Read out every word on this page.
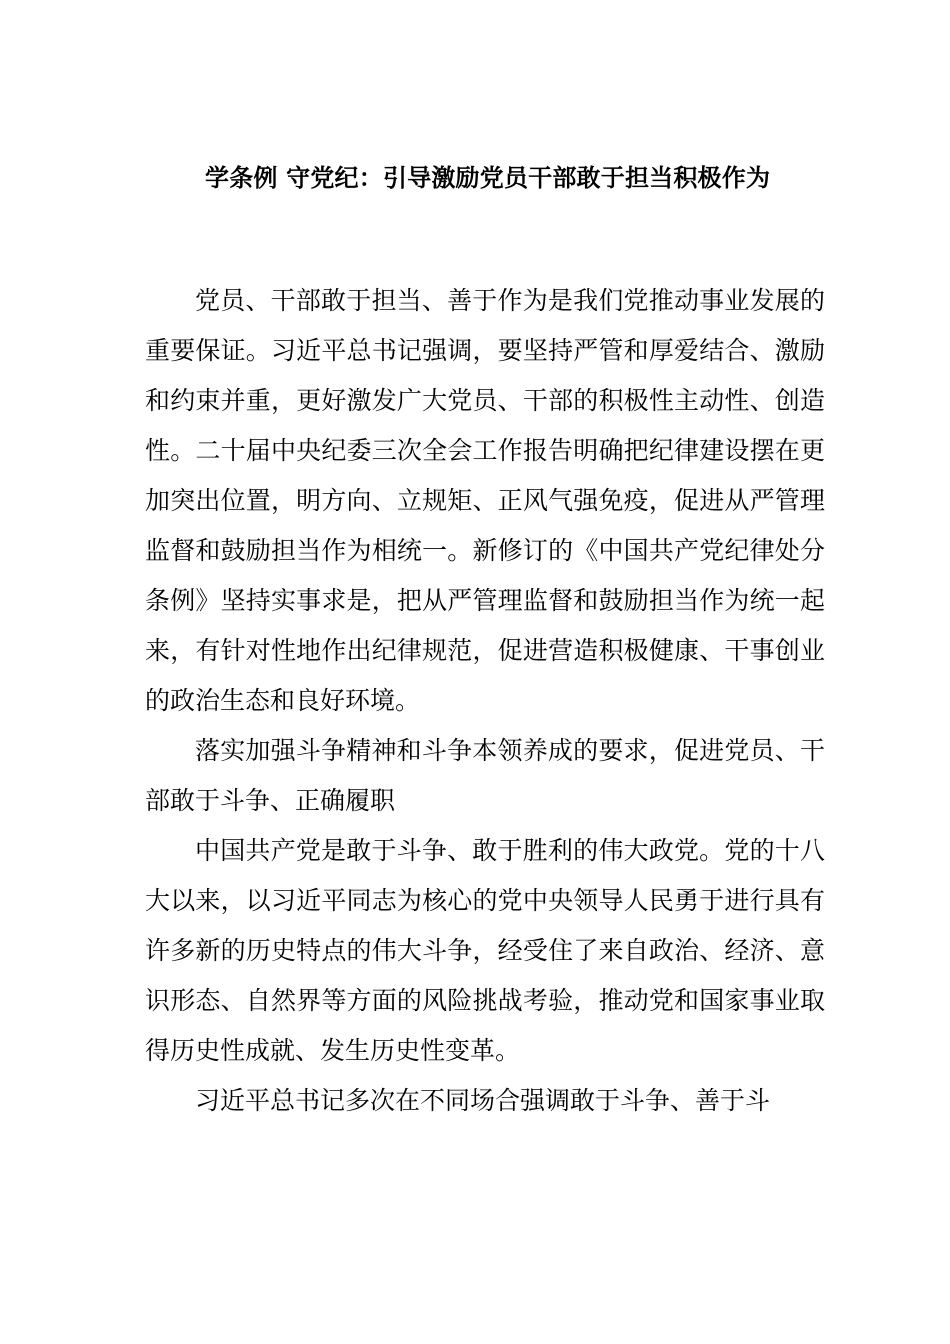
学条例 守党纪：引导激励党员干部敢于担当积极作为

党员、干部敢于担当、善于作为是我们党推动事业发展的重要保证。习近平总书记强调，要坚持严管和厚爱结合、激励和约束并重，更好激发广大党员、干部的积极性主动性、创造性。二十届中央纪委三次全会工作报告明确把纪律建设摆在更加突出位置，明方向、立规矩、正风气强免疫，促进从严管理监督和鼓励担当作为相统一。新修订的《中国共产党纪律处分条例》坚持实事求是，把从严管理监督和鼓励担当作为统一起来，有针对性地作出纪律规范，促进营造积极健康、干事创业的政治生态和良好环境。

落实加强斗争精神和斗争本领养成的要求，促进党员、干部敢于斗争、正确履职

中国共产党是敢于斗争、敢于胜利的伟大政党。党的十八大以来，以习近平同志为核心的党中央领导人民勇于进行具有许多新的历史特点的伟大斗争，经受住了来自政治、经济、意识形态、自然界等方面的风险挑战考验，推动党和国家事业取得历史性成就、发生历史性变革。

习近平总书记多次在不同场合强调敢于斗争、善于斗
